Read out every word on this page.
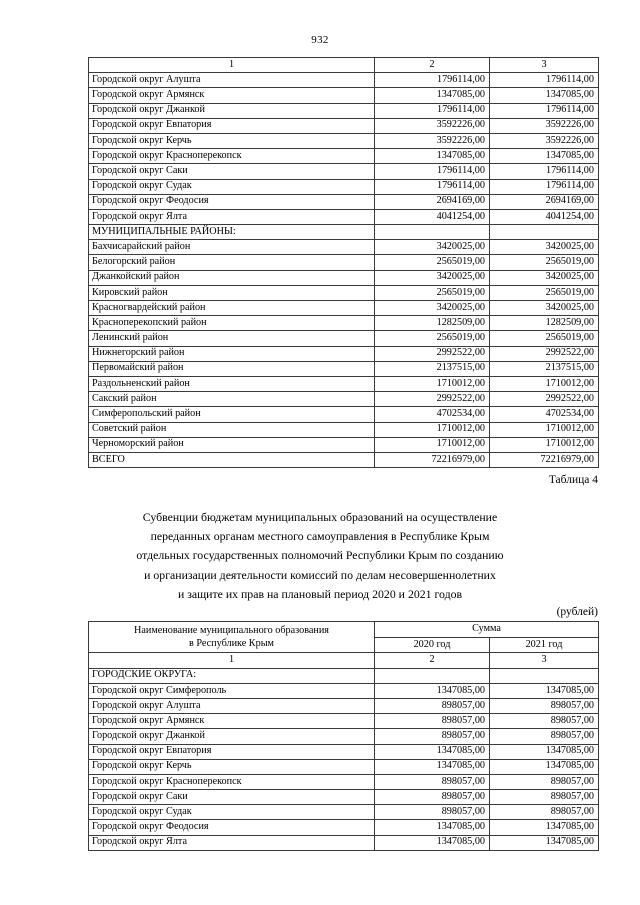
932
1	2	3
Городской округ Алушта	1796114,00	1796114,00
Городской округ Армянск	1347085,00	1347085,00
Городской округ Джанкой	1796114,00	1796114,00
Городской округ Евпатория	3592226,00	3592226,00
Городской округ Керчь	3592226,00	3592226,00
Городской округ Красноперекопск	1347085,00	1347085,00
Городской округ Саки	1796114,00	1796114,00
Городской округ Судак	1796114,00	1796114,00
Городской округ Феодосия	2694169,00	2694169,00
Городской округ Ялта	4041254,00	4041254,00
МУНИЦИПАЛЬНЫЕ РАЙОНЫ:		
Бахчисарайский район	3420025,00	3420025,00
Белогорский район	2565019,00	2565019,00
Джанкойский район	3420025,00	3420025,00
Кировский район	2565019,00	2565019,00
Красногвардейский район	3420025,00	3420025,00
Красноперекопский район	1282509,00	1282509,00
Ленинский район	2565019,00	2565019,00
Нижнегорский район	2992522,00	2992522,00
Первомайский район	2137515,00	2137515,00
Раздольненский район	1710012,00	1710012,00
Сакский район	2992522,00	2992522,00
Симферопольский район	4702534,00	4702534,00
Советский район	1710012,00	1710012,00
Черноморский район	1710012,00	1710012,00
ВСЕГО	72216979,00	72216979,00
Таблица 4
Субвенции бюджетам муниципальных образований на осуществление
переданных органам местного самоуправления в Республике Крым
отдельных государственных полномочий Республики Крым по созданию
и организации деятельности комиссий по делам несовершеннолетних
и защите их прав на плановый период 2020 и 2021 годов
(рублей)
Наименование муниципального образования
в Республике Крым	Сумма	
	2020 год	2021 год
1	2	3
ГОРОДСКИЕ ОКРУГА:		
Городской округ Симферополь	1347085,00	1347085,00
Городской округ Алушта	898057,00	898057,00
Городской округ Армянск	898057,00	898057,00
Городской округ Джанкой	898057,00	898057,00
Городской округ Евпатория	1347085,00	1347085,00
Городской округ Керчь	1347085,00	1347085,00
Городской округ Красноперекопск	898057,00	898057,00
Городской округ Саки	898057,00	898057,00
Городской округ Судак	898057,00	898057,00
Городской округ Феодосия	1347085,00	1347085,00
Городской округ Ялта	1347085,00	1347085,00
